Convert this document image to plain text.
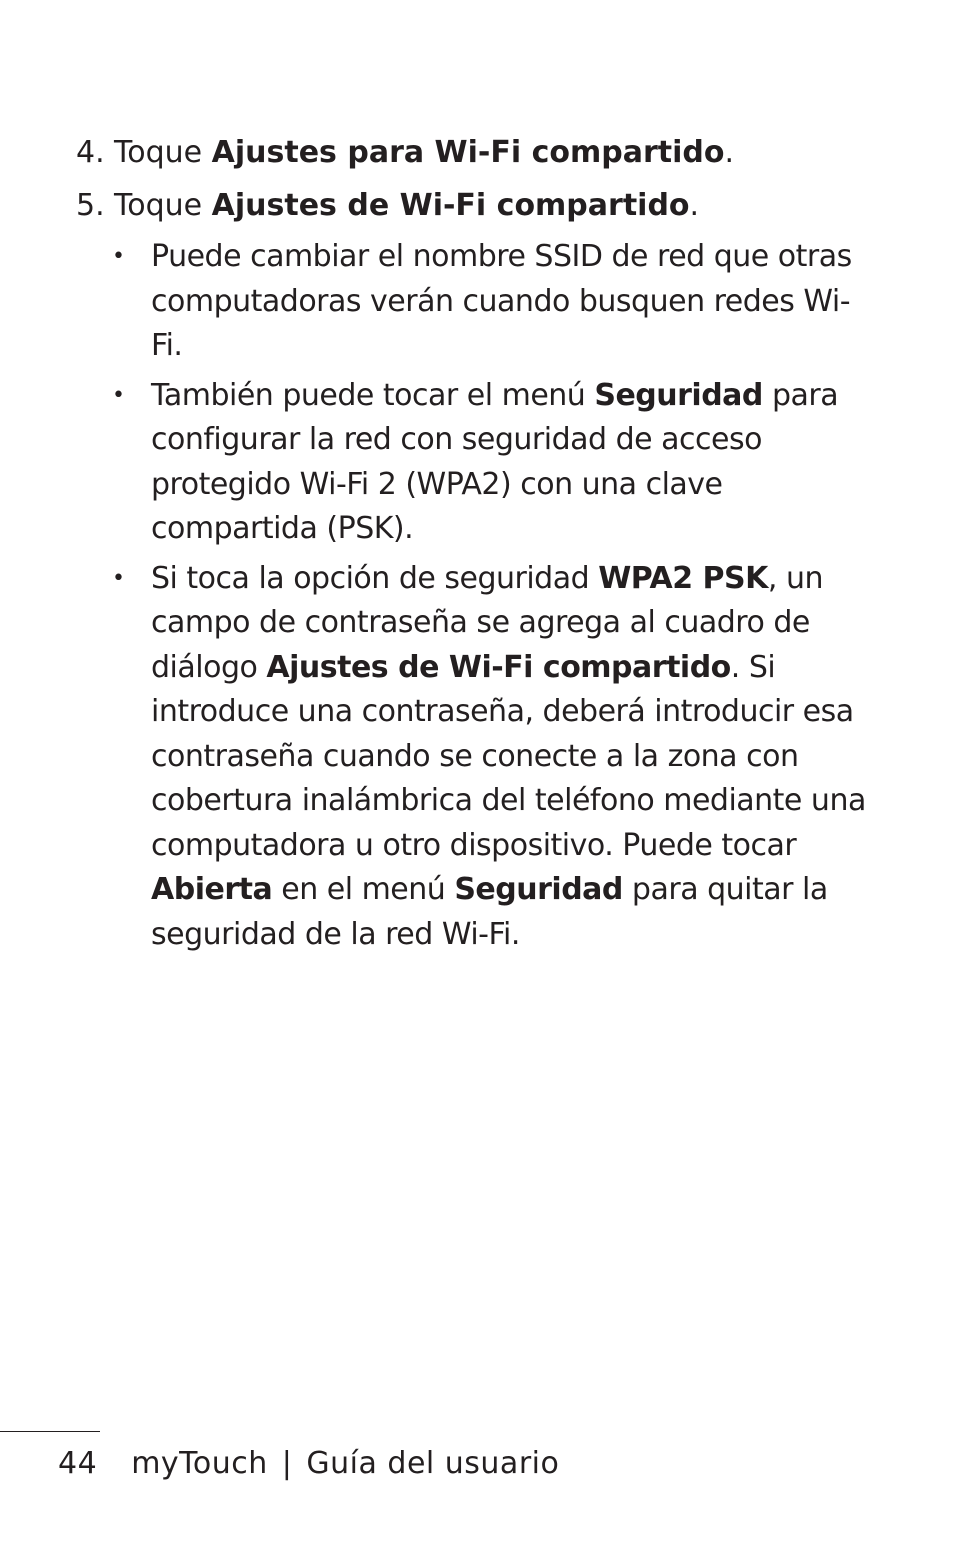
4. Toque Ajustes para Wi-Fi compartido.
5. Toque Ajustes de Wi-Fi compartido.
• Puede cambiar el nombre SSID de red que otras computadoras verán cuando busquen redes Wi-Fi.
• También puede tocar el menú Seguridad para configurar la red con seguridad de acceso protegido Wi-Fi 2 (WPA2) con una clave compartida (PSK).
• Si toca la opción de seguridad WPA2 PSK, un campo de contraseña se agrega al cuadro de diálogo Ajustes de Wi-Fi compartido. Si introduce una contraseña, deberá introducir esa contraseña cuando se conecte a la zona con cobertura inalámbrica del teléfono mediante una computadora u otro dispositivo. Puede tocar Abierta en el menú Seguridad para quitar la seguridad de la red Wi-Fi.
44 myTouch | Guía del usuario
